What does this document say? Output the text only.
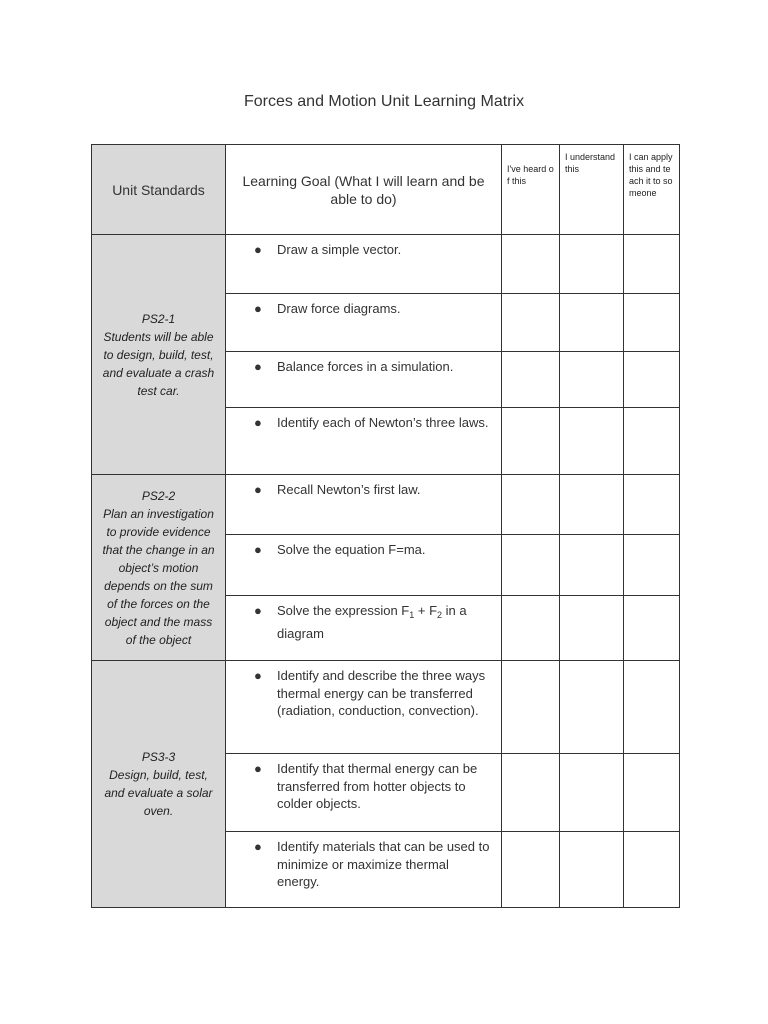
Forces and Motion Unit Learning Matrix
Unit Standards	Learning Goal (What I will learn and be able to do)	I've heard of this	I understand this	I can apply this and teach it to someone

PS2-1
Students will be able to design, build, test, and evaluate a crash test car.	● Draw a simple vector.			

	● Draw force diagrams.			

	● Balance forces in a simulation.			

	● Identify each of Newton’s three laws.			

PS2-2
Plan an investigation to provide evidence that the change in an object’s motion depends on the sum of the forces on the object and the mass of the object	● Recall Newton’s first law.			

	● Solve the equation F=ma.			

	● Solve the expression $F_1 + F_2$ in a diagram			

PS3-3
Design, build, test, and evaluate a solar oven.	● Identify and describe the three ways thermal energy can be transferred (radiation, conduction, convection).			

	● Identify that thermal energy can be transferred from hotter objects to colder objects.			

	● Identify materials that can be used to minimize or maximize thermal energy.			
